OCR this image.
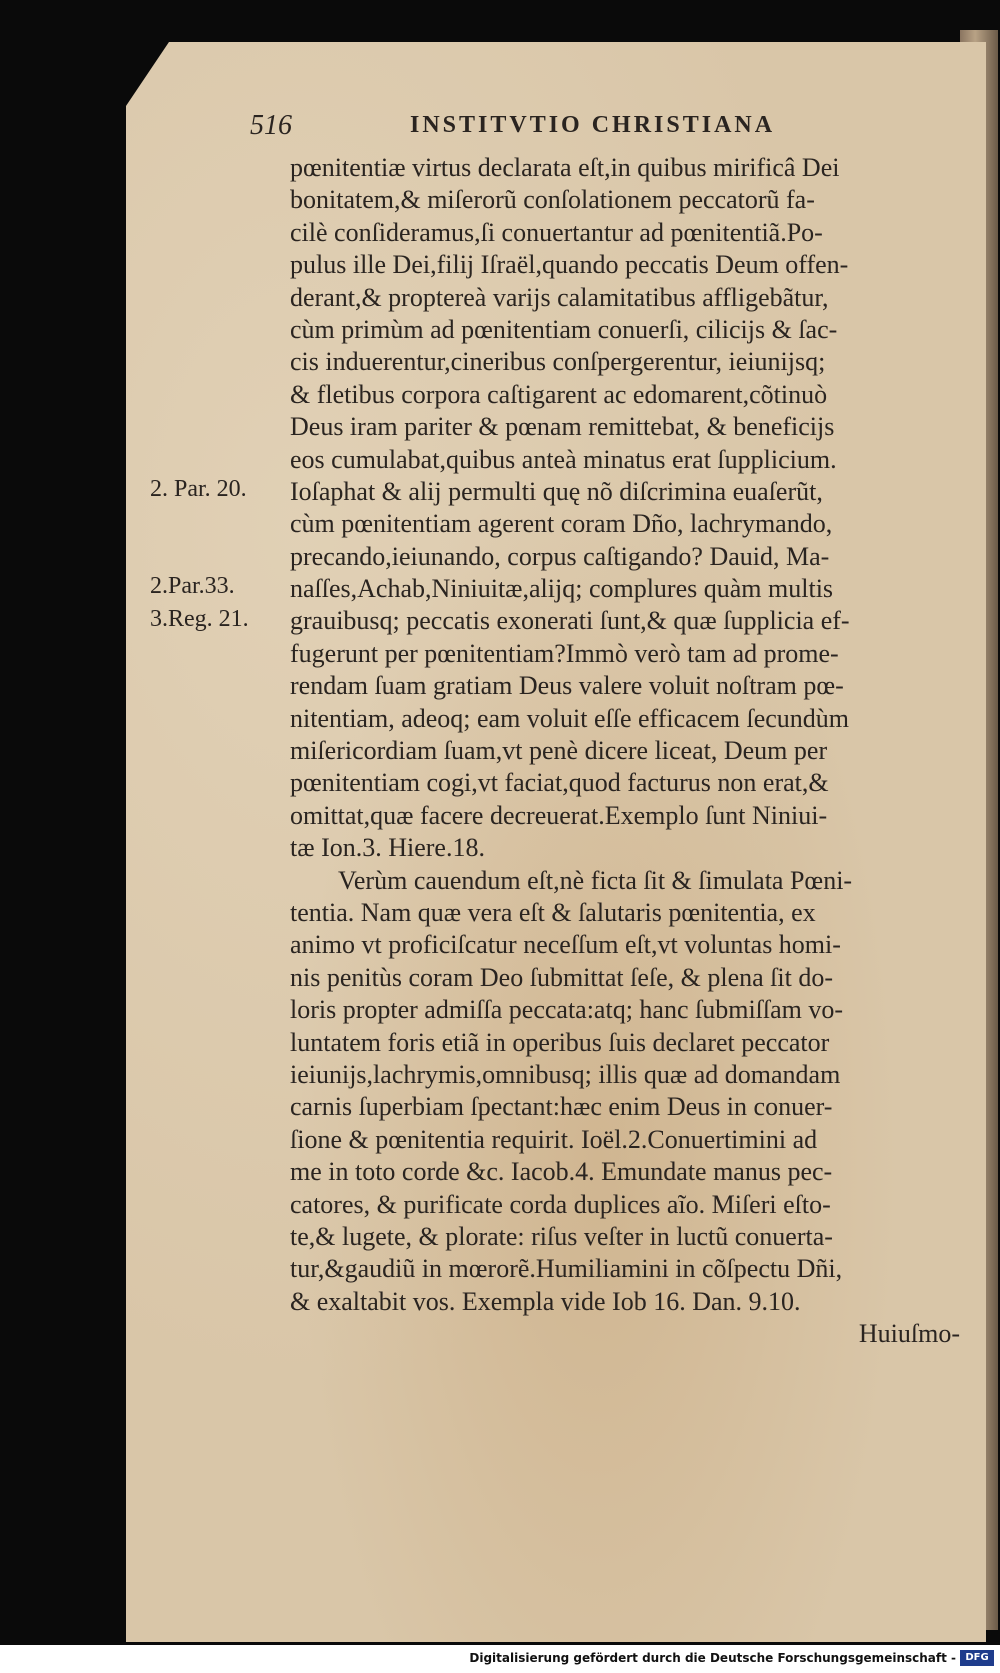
516	INSTITVTIO CHRISTIANA
2. Par. 20.
2.Par.33.
3.Reg. 21.
pœnitentiæ virtus declarata eſt,in quibus mirificâ Dei
bonitatem,& miſerorũ conſolationem peccatorũ fa-
cilè conſideramus,ſi conuertantur ad pœnitentiã.Po-
pulus ille Dei,filij Iſraël,quando peccatis Deum offen-
derant,& proptereà varijs calamitatibus affligebãtur,
cùm primùm ad pœnitentiam conuerſi, cilicijs & ſac-
cis induerentur,cineribus conſpergerentur, ieiunijsq;
& fletibus corpora caſtigarent ac edomarent,cõtinuò
Deus iram pariter & pœnam remittebat, & beneficijs
eos cumulabat,quibus anteà minatus erat ſupplicium.
Ioſaphat & alij permulti quę nõ diſcrimina euaſerũt,
cùm pœnitentiam agerent coram Dño, lachrymando,
precando,ieiunando, corpus caſtigando? Dauid, Ma-
naſſes,Achab,Niniuitæ,alijq; complures quàm multis
grauibusq; peccatis exonerati ſunt,& quæ ſupplicia ef-
fugerunt per pœnitentiam?Immò verò tam ad prome-
rendam ſuam gratiam Deus valere voluit noſtram pœ-
nitentiam, adeoq; eam voluit eſſe efficacem ſecundùm
miſericordiam ſuam,vt penè dicere liceat, Deum per
pœnitentiam cogi,vt faciat,quod facturus non erat,&
omittat,quæ facere decreuerat.Exemplo ſunt Niniui-
tæ Ion.3. Hiere.18.
Verùm cauendum eſt,nè ficta ſit & ſimulata Pœni-
tentia. Nam quæ vera eſt & ſalutaris pœnitentia, ex
animo vt proficiſcatur neceſſum eſt,vt voluntas homi-
nis penitùs coram Deo ſubmittat ſeſe, & plena ſit do-
loris propter admiſſa peccata:atq; hanc ſubmiſſam vo-
luntatem foris etiã in operibus ſuis declaret peccator
ieiunijs,lachrymis,omnibusq; illis quæ ad domandam
carnis ſuperbiam ſpectant:hæc enim Deus in conuer-
ſione & pœnitentia requirit. Ioël.2.Conuertimini ad
me in toto corde &c. Iacob.4. Emundate manus pec-
catores, & purificate corda duplices aĩo. Miſeri eſto-
te,& lugete, & plorate: riſus veſter in luctũ conuerta-
tur,&gaudiũ in mœrorẽ.Humiliamini in cõſpectu Dñi,
& exaltabit vos. Exempla vide Iob 16. Dan. 9.10.
Huiuſmo-
Digitalisierung gefördert durch die Deutsche Forschungsgemeinschaft - DFG
